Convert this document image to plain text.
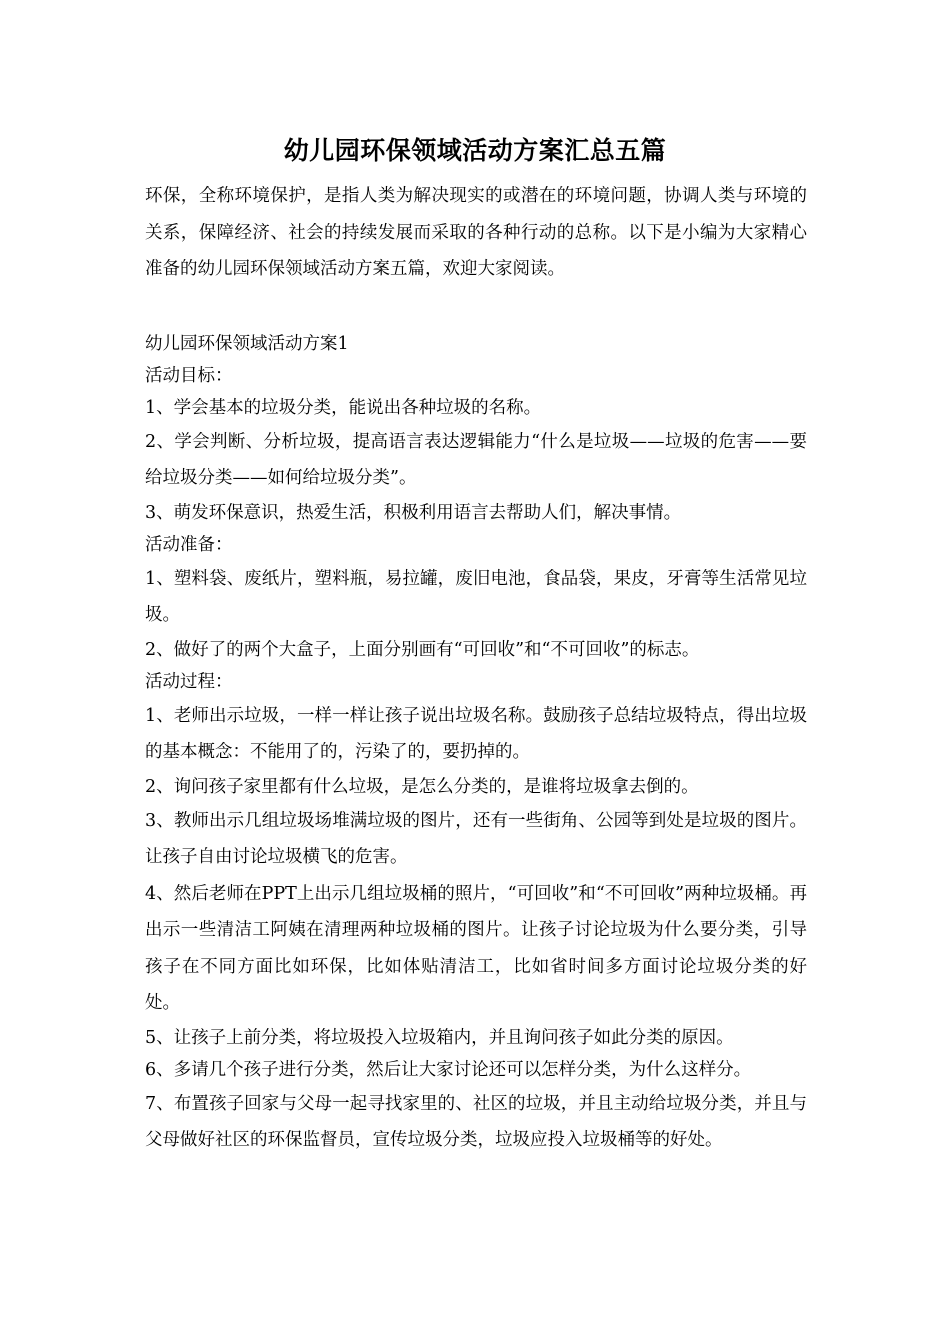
幼儿园环保领域活动方案汇总五篇

环保，全称环境保护，是指人类为解决现实的或潜在的环境问题，协调人类与环境的关系，保障经济、社会的持续发展而采取的各种行动的总称。以下是小编为大家精心准备的幼儿园环保领域活动方案五篇，欢迎大家阅读。

幼儿园环保领域活动方案1

活动目标：

1、学会基本的垃圾分类，能说出各种垃圾的名称。

2、学会判断、分析垃圾，提高语言表达逻辑能力“什么是垃圾——垃圾的危害——要给垃圾分类——如何给垃圾分类”。

3、萌发环保意识，热爱生活，积极利用语言去帮助人们，解决事情。

活动准备：

1、塑料袋、废纸片，塑料瓶，易拉罐，废旧电池，食品袋，果皮，牙膏等生活常见垃圾。

2、做好了的两个大盒子，上面分别画有“可回收”和“不可回收”的标志。

活动过程：

1、老师出示垃圾，一样一样让孩子说出垃圾名称。鼓励孩子总结垃圾特点，得出垃圾的基本概念：不能用了的，污染了的，要扔掉的。

2、询问孩子家里都有什么垃圾，是怎么分类的，是谁将垃圾拿去倒的。

3、教师出示几组垃圾场堆满垃圾的图片，还有一些街角、公园等到处是垃圾的图片。让孩子自由讨论垃圾横飞的危害。

4、然后老师在PPT上出示几组垃圾桶的照片，“可回收”和“不可回收”两种垃圾桶。再出示一些清洁工阿姨在清理两种垃圾桶的图片。让孩子讨论垃圾为什么要分类，引导孩子在不同方面比如环保，比如体贴清洁工，比如省时间多方面讨论垃圾分类的好处。

5、让孩子上前分类，将垃圾投入垃圾箱内，并且询问孩子如此分类的原因。

6、多请几个孩子进行分类，然后让大家讨论还可以怎样分类，为什么这样分。

7、布置孩子回家与父母一起寻找家里的、社区的垃圾，并且主动给垃圾分类，并且与父母做好社区的环保监督员，宣传垃圾分类，垃圾应投入垃圾桶等的好处。
